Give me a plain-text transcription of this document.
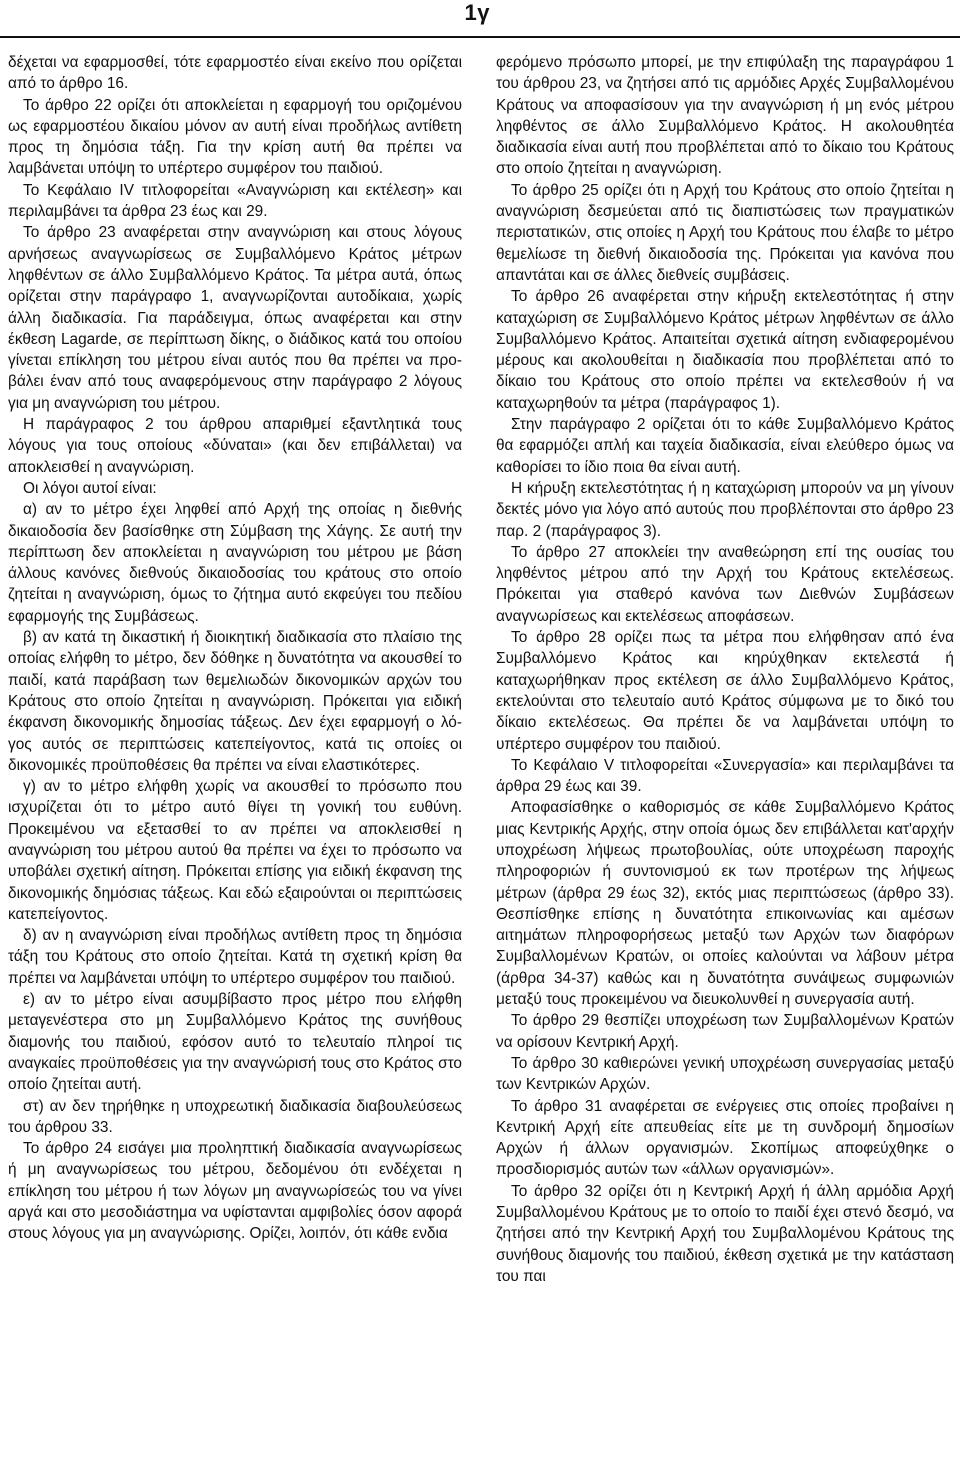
1γ

δέχεται να εφαρμοσθεί, τότε εφαρμοστέο είναι εκείνο που ορίζεται από το άρθρο 16.

Το άρθρο 22 ορίζει ότι αποκλείεται η εφαρμογή του οριζομένου ως εφαρμοστέου δικαίου μόνον αν αυτή είναι προδήλως αντίθετη προς τη δημόσια τάξη. Για την κρίση αυτή θα πρέπει να λαμβάνεται υπόψη το υπέρτερο συμφέρον του παιδιού.

Το Κεφάλαιο IV τιτλοφορείται «Αναγνώριση και εκτέλεση» και περιλαμβάνει τα άρθρα 23 έως και 29.

Το άρθρο 23 αναφέρεται στην αναγνώριση και στους λόγους αρνήσεως αναγνωρίσεως σε Συμβαλλόμενο Κράτος μέτρων ληφθέντων σε άλλο Συμβαλλόμενο Κράτος. Τα μέτρα αυτά, όπως ορίζεται στην παράγραφο 1, αναγνωρίζονται αυτοδίκαια, χωρίς άλλη διαδικασία. Για παράδειγμα, όπως αναφέρεται και στην έκθεση Lagarde, σε περίπτωση δίκης, ο διάδικος κατά του οποίου γίνεται επίκληση του μέτρου είναι αυτός που θα πρέπει να προβάλει έναν από τους αναφερόμενους στην παράγραφο 2 λόγους για μη αναγνώριση του μέτρου.

Η παράγραφος 2 του άρθρου απαριθμεί εξαντλητικά τους λόγους για τους οποίους «δύναται» (και δεν επιβάλλεται) να αποκλεισθεί η αναγνώριση.

Οι λόγοι αυτοί είναι:

α) αν το μέτρο έχει ληφθεί από Αρχή της οποίας η διεθνής δικαιοδοσία δεν βασίσθηκε στη Σύμβαση της Χάγης. Σε αυτή την περίπτωση δεν αποκλείεται η αναγνώριση του μέτρου με βάση άλλους κανόνες διεθνούς δικαιοδοσίας του κράτους στο οποίο ζητείται η αναγνώριση, όμως το ζήτημα αυτό εκφεύγει του πεδίου εφαρμογής της Συμβάσεως.

β) αν κατά τη δικαστική ή διοικητική διαδικασία στο πλαίσιο της οποίας ελήφθη το μέτρο, δεν δόθηκε η δυνατότητα να ακουσθεί το παιδί, κατά παράβαση των θεμελιωδών δικονομικών αρχών του Κράτους στο οποίο ζητείται η αναγνώριση. Πρόκειται για ειδική έκφανση δικονομικής δημοσίας τάξεως. Δεν έχει εφαρμογή ο λόγος αυτός σε περιπτώσεις κατεπείγοντος, κατά τις οποίες οι δικονομικές προϋποθέσεις θα πρέπει να είναι ελαστικότερες.

γ) αν το μέτρο ελήφθη χωρίς να ακουσθεί το πρόσωπο που ισχυρίζεται ότι το μέτρο αυτό θίγει τη γονική του ευθύνη. Προκειμένου να εξετασθεί το αν πρέπει να αποκλεισθεί η αναγνώριση του μέτρου αυτού θα πρέπει να έχει το πρόσωπο να υποβάλει σχετική αίτηση. Πρόκειται επίσης για ειδική έκφανση της δικονομικής δημόσιας τάξεως. Και εδώ εξαιρούνται οι περιπτώσεις κατεπείγοντος.

δ) αν η αναγνώριση είναι προδήλως αντίθετη προς τη δημόσια τάξη του Κράτους στο οποίο ζητείται. Κατά τη σχετική κρίση θα πρέπει να λαμβάνεται υπόψη το υπέρτερο συμφέρον του παιδιού.

ε) αν το μέτρο είναι ασυμβίβαστο προς μέτρο που ελήφθη μεταγενέστερα στο μη Συμβαλλόμενο Κράτος της συνήθους διαμονής του παιδιού, εφόσον αυτό το τελευταίο πληροί τις αναγκαίες προϋποθέσεις για την αναγνώρισή τους στο Κράτος στο οποίο ζητείται αυτή.

στ) αν δεν τηρήθηκε η υποχρεωτική διαδικασία διαβουλεύσεως του άρθρου 33.

Το άρθρο 24 εισάγει μια προληπτική διαδικασία αναγνωρίσεως ή μη αναγνωρίσεως του μέτρου, δεδομένου ότι ενδέχεται η επίκληση του μέτρου ή των λόγων μη αναγνωρίσεώς του να γίνει αργά και στο μεσοδιάστημα να υφίστανται αμφιβολίες όσον αφορά στους λόγους για μη αναγνώρισης. Ορίζει, λοιπόν, ότι κάθε ενδια

φερόμενο πρόσωπο μπορεί, με την επιφύλαξη της παραγράφου 1 του άρθρου 23, να ζητήσει από τις αρμόδιες Αρχές Συμβαλλομένου Κράτους να αποφασίσουν για την αναγνώριση ή μη ενός μέτρου ληφθέντος σε άλλο Συμβαλλόμενο Κράτος. Η ακολουθητέα διαδικασία είναι αυτή που προβλέπεται από το δίκαιο του Κράτους στο οποίο ζητείται η αναγνώριση.

Το άρθρο 25 ορίζει ότι η Αρχή του Κράτους στο οποίο ζητείται η αναγνώριση δεσμεύεται από τις διαπιστώσεις των πραγματικών περιστατικών, στις οποίες η Αρχή του Κράτους που έλαβε το μέτρο θεμελίωσε τη διεθνή δικαιοδοσία της. Πρόκειται για κανόνα που απαντάται και σε άλλες διεθνείς συμβάσεις.

Το άρθρο 26 αναφέρεται στην κήρυξη εκτελεστότητας ή στην καταχώριση σε Συμβαλλόμενο Κράτος μέτρων ληφθέντων σε άλλο Συμβαλλόμενο Κράτος. Απαιτείται σχετικά αίτηση ενδιαφερομένου μέρους και ακολουθείται η διαδικασία που προβλέπεται από το δίκαιο του Κράτους στο οποίο πρέπει να εκτελεσθούν ή να καταχωρηθούν τα μέτρα (παράγραφος 1).

Στην παράγραφο 2 ορίζεται ότι το κάθε Συμβαλλόμενο Κράτος θα εφαρμόζει απλή και ταχεία διαδικασία, είναι ελεύθερο όμως να καθορίσει το ίδιο ποια θα είναι αυτή.

Η κήρυξη εκτελεστότητας ή η καταχώριση μπορούν να μη γίνουν δεκτές μόνο για λόγο από αυτούς που προβλέπονται στο άρθρο 23 παρ. 2 (παράγραφος 3).

Το άρθρο 27 αποκλείει την αναθεώρηση επί της ουσίας του ληφθέντος μέτρου από την Αρχή του Κράτους εκτελέσεως. Πρόκειται για σταθερό κανόνα των Διεθνών Συμβάσεων αναγνωρίσεως και εκτελέσεως αποφάσεων.

Το άρθρο 28 ορίζει πως τα μέτρα που ελήφθησαν από ένα Συμβαλλόμενο Κράτος και κηρύχθηκαν εκτελεστά ή καταχωρήθηκαν προς εκτέλεση σε άλλο Συμβαλλόμενο Κράτος, εκτελούνται στο τελευταίο αυτό Κράτος σύμφωνα με το δικό του δίκαιο εκτελέσεως. Θα πρέπει δε να λαμβάνεται υπόψη το υπέρτερο συμφέρον του παιδιού.

Το Κεφάλαιο V τιτλοφορείται «Συνεργασία» και περιλαμβάνει τα άρθρα 29 έως και 39.

Αποφασίσθηκε ο καθορισμός σε κάθε Συμβαλλόμενο Κράτος μιας Κεντρικής Αρχής, στην οποία όμως δεν επιβάλλεται κατ'αρχήν υποχρέωση λήψεως πρωτοβουλίας, ούτε υποχρέωση παροχής πληροφοριών ή συντονισμού εκ των προτέρων της λήψεως μέτρων (άρθρα 29 έως 32), εκτός μιας περιπτώσεως (άρθρο 33). Θεσπίσθηκε επίσης η δυνατότητα επικοινωνίας και αμέσων αιτημάτων πληροφορήσεως μεταξύ των Αρχών των διαφόρων Συμβαλλομένων Κρατών, οι οποίες καλούνται να λάβουν μέτρα (άρθρα 34-37) καθώς και η δυνατότητα συνάψεως συμφωνιών μεταξύ τους προκειμένου να διευκολυνθεί η συνεργασία αυτή.

Το άρθρο 29 θεσπίζει υποχρέωση των Συμβαλλομένων Κρατών να ορίσουν Κεντρική Αρχή.

Το άρθρο 30 καθιερώνει γενική υποχρέωση συνεργασίας μεταξύ των Κεντρικών Αρχών.

Το άρθρο 31 αναφέρεται σε ενέργειες στις οποίες προβαίνει η Κεντρική Αρχή είτε απευθείας είτε με τη συνδρομή δημοσίων Αρχών ή άλλων οργανισμών. Σκοπίμως αποφεύχθηκε ο προσδιορισμός αυτών των «άλλων οργανισμών».

Το άρθρο 32 ορίζει ότι η Κεντρική Αρχή ή άλλη αρμόδια Αρχή Συμβαλλομένου Κράτους με το οποίο το παιδί έχει στενό δεσμό, να ζητήσει από την Κεντρική Αρχή του Συμβαλλομένου Κράτους της συνήθους διαμονής του παιδιού, έκθεση σχετικά με την κατάσταση του παι
